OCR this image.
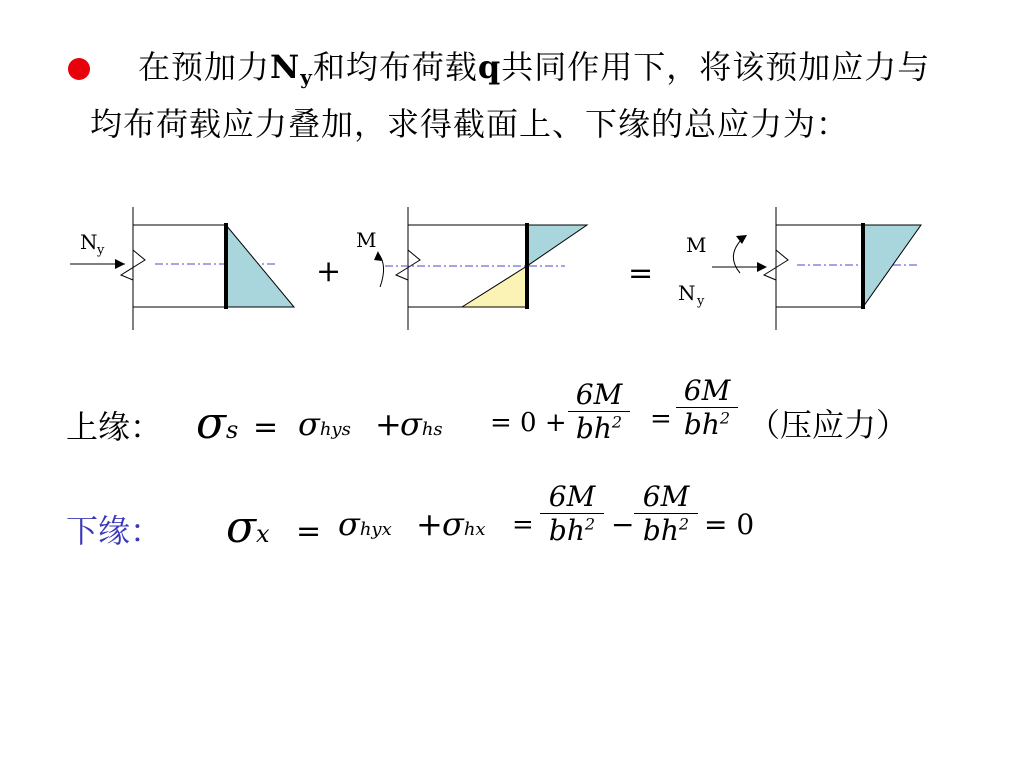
在预加力$N_y$和均布荷载q共同作用下，将该预加应力与均布荷载应力叠加，求得截面上、下缘的总应力为：
N y
+
M
=
M
N y
上缘： σs = σhys +
$\sigma hs = 0 + \frac{6M}{bh^2} = \frac{6M}{bh^2}$ （压应力）
下缘： $\sigma x = \sigma hyx + \sigma hx = \frac{6M}{bh^2} - \frac{6M}{bh^2} = 0$
